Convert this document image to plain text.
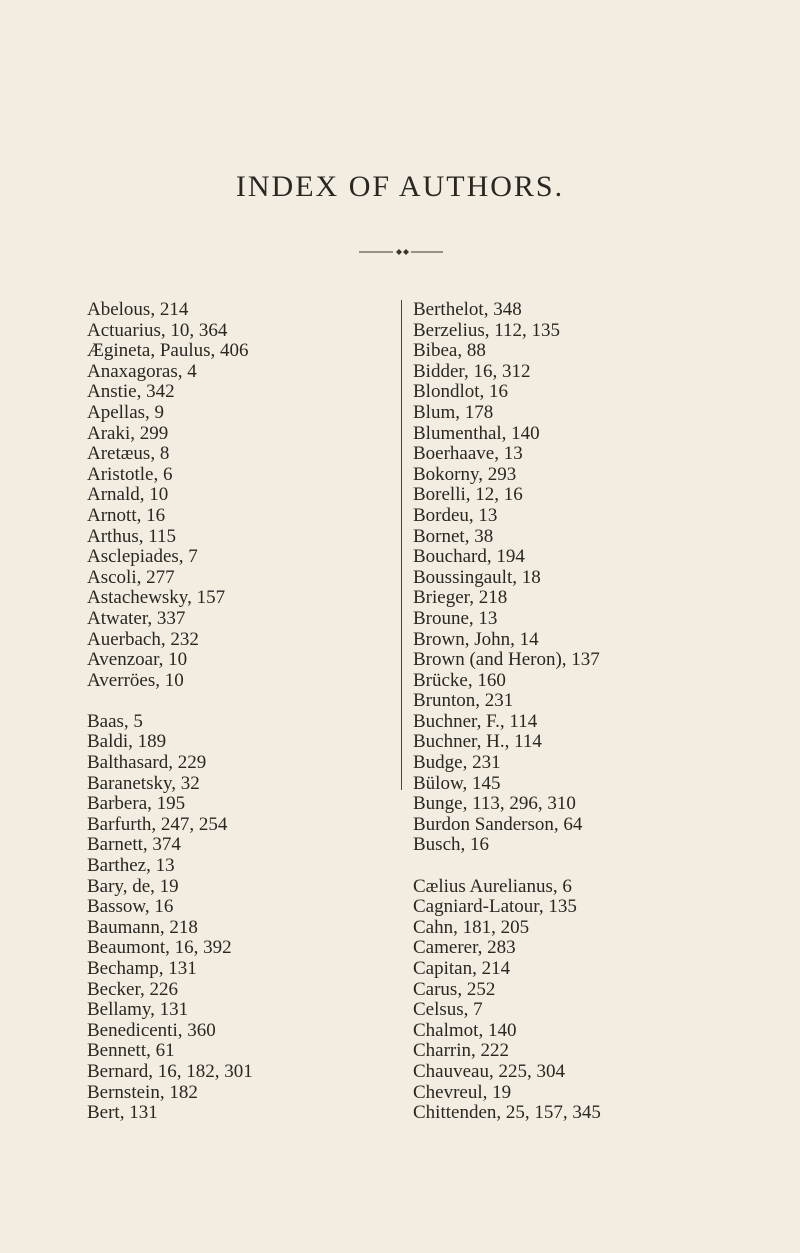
INDEX OF AUTHORS.
Abelous, 214
Actuarius, 10, 364
Ægineta, Paulus, 406
Anaxagoras, 4
Anstie, 342
Apellas, 9
Araki, 299
Aretæus, 8
Aristotle, 6
Arnald, 10
Arnott, 16
Arthus, 115
Asclepiades, 7
Ascoli, 277
Astachewsky, 157
Atwater, 337
Auerbach, 232
Avenzoar, 10
Averröes, 10
Baas, 5
Baldi, 189
Balthasard, 229
Baranetsky, 32
Barbera, 195
Barfurth, 247, 254
Barnett, 374
Barthez, 13
Bary, de, 19
Bassow, 16
Baumann, 218
Beaumont, 16, 392
Bechamp, 131
Becker, 226
Bellamy, 131
Benedicenti, 360
Bennett, 61
Bernard, 16, 182, 301
Bernstein, 182
Bert, 131
Berthelot, 348
Berzelius, 112, 135
Bibea, 88
Bidder, 16, 312
Blondlot, 16
Blum, 178
Blumenthal, 140
Boerhaave, 13
Bokorny, 293
Borelli, 12, 16
Bordeu, 13
Bornet, 38
Bouchard, 194
Boussingault, 18
Brieger, 218
Broune, 13
Brown, John, 14
Brown (and Heron), 137
Brücke, 160
Brunton, 231
Buchner, F., 114
Buchner, H., 114
Budge, 231
Bülow, 145
Bunge, 113, 296, 310
Burdon Sanderson, 64
Busch, 16
Cælius Aurelianus, 6
Cagniard-Latour, 135
Cahn, 181, 205
Camerer, 283
Capitan, 214
Carus, 252
Celsus, 7
Chalmot, 140
Charrin, 222
Chauveau, 225, 304
Chevreul, 19
Chittenden, 25, 157, 345
